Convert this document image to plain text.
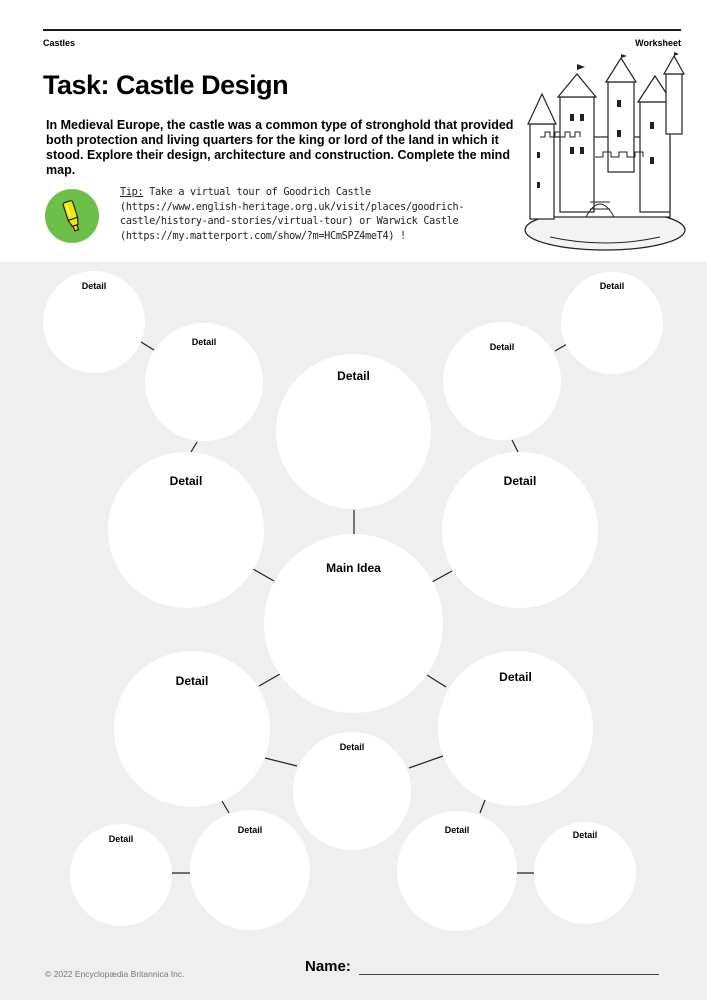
Castles	Worksheet
Task: Castle Design

In Medieval Europe, the castle was a common type of stronghold that provided both protection and living quarters for the king or lord of the land in which it stood. Explore their design, architecture and construction. Complete the mind map.

Tip: Take a virtual tour of Goodrich Castle (https://www.english-heritage.org.uk/visit/places/goodrich-castle/history-and-stories/virtual-tour) or Warwick Castle (https://my.matterport.com/show/?m=HCmSPZ4meT4) !

Detail
Detail
Detail
Detail
Detail
Detail	Detail
Main Idea
Detail	Detail
Detail
Detail
Detail	Detail	Detail
© 2022 Encyclopædia Britannica Inc.	Name:
